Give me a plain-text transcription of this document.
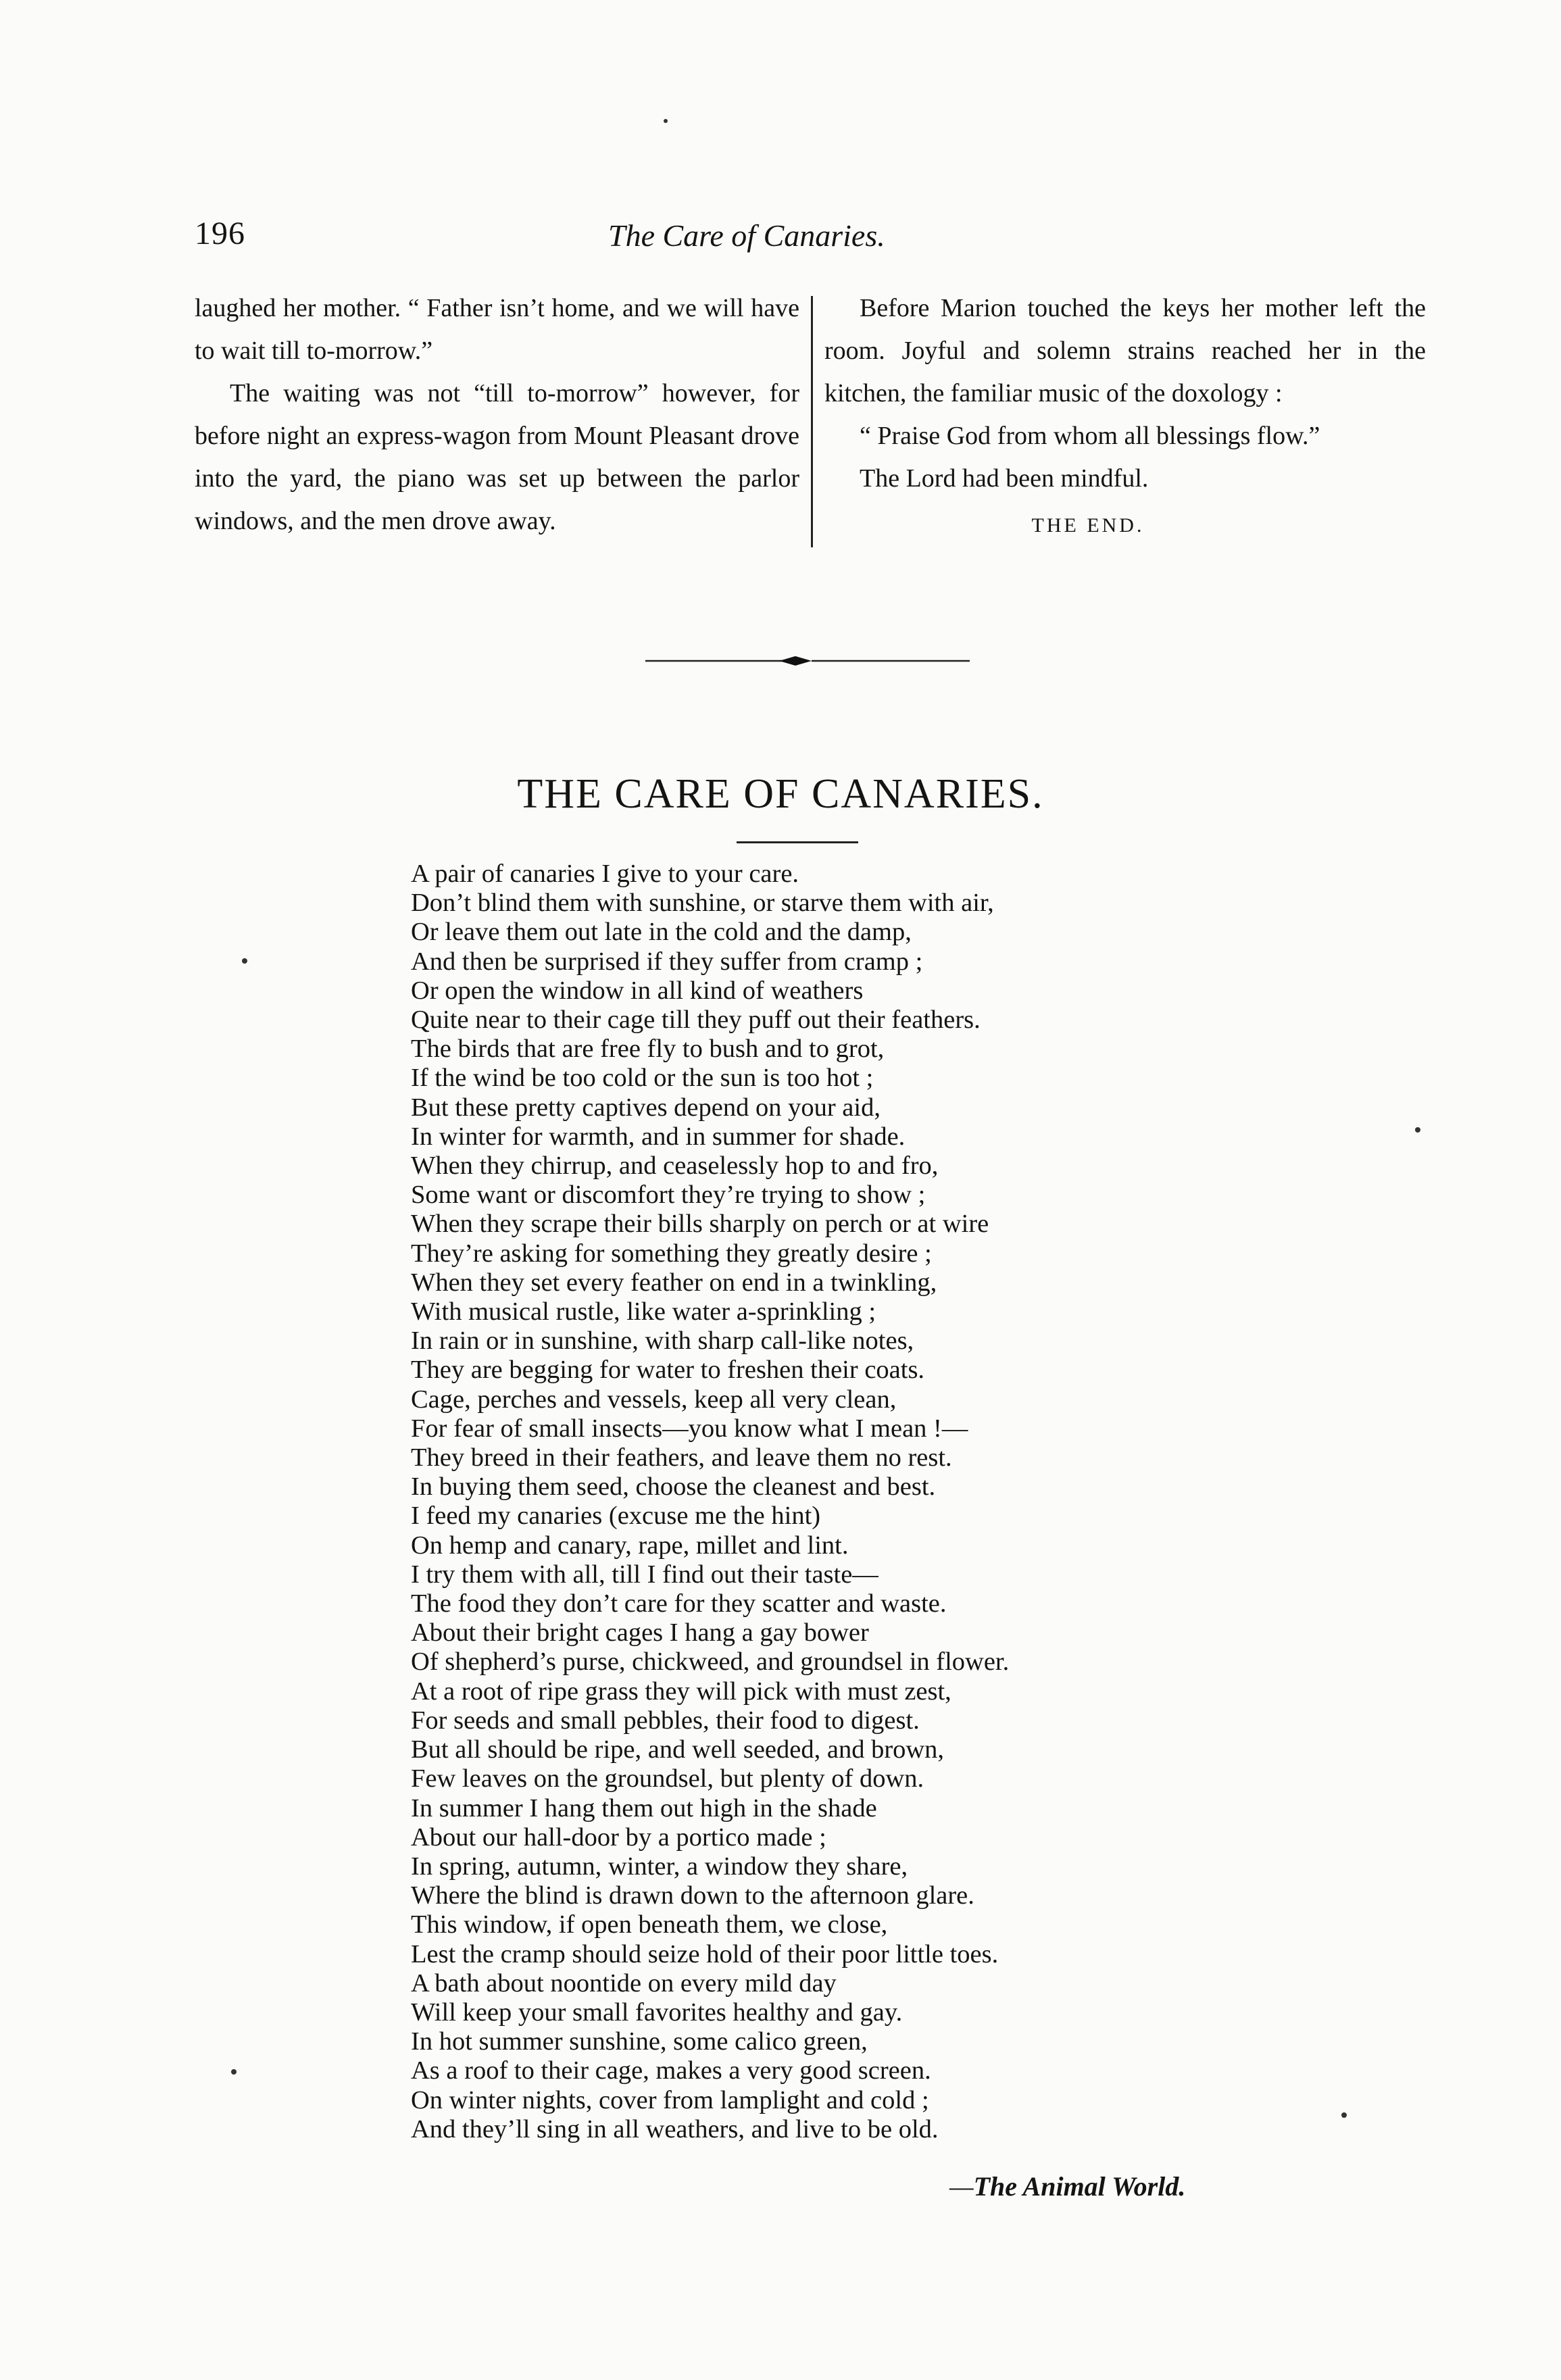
196	The Care of Canaries.

laughed her mother. “ Father isn’t home, and we will have to wait till to-morrow.”

The waiting was not “till to-morrow” however, for before night an express-wagon from Mount Pleasant drove into the yard, the piano was set up between the parlor windows, and the men drove away.

Before Marion touched the keys her mother left the room. Joyful and solemn strains reached her in the kitchen, the familiar music of the doxology :

“ Praise God from whom all blessings flow.”

The Lord had been mindful.

THE END.
THE CARE OF CANARIES.
A pair of canaries I give to your care.
Don’t blind them with sunshine, or starve them with air,
Or leave them out late in the cold and the damp,
And then be surprised if they suffer from cramp ;
Or open the window in all kind of weathers
Quite near to their cage till they puff out their feathers.
The birds that are free fly to bush and to grot,
If the wind be too cold or the sun is too hot ;
But these pretty captives depend on your aid,
In winter for warmth, and in summer for shade.
When they chirrup, and ceaselessly hop to and fro,
Some want or discomfort they’re trying to show ;
When they scrape their bills sharply on perch or at wire
They’re asking for something they greatly desire ;
When they set every feather on end in a twinkling,
With musical rustle, like water a-sprinkling ;
In rain or in sunshine, with sharp call-like notes,
They are begging for water to freshen their coats.
Cage, perches and vessels, keep all very clean,
For fear of small insects—you know what I mean !—
They breed in their feathers, and leave them no rest.
In buying them seed, choose the cleanest and best.
I feed my canaries (excuse me the hint)
On hemp and canary, rape, millet and lint.
I try them with all, till I find out their taste—
The food they don’t care for they scatter and waste.
About their bright cages I hang a gay bower
Of shepherd’s purse, chickweed, and groundsel in flower.
At a root of ripe grass they will pick with must zest,
For seeds and small pebbles, their food to digest.
But all should be ripe, and well seeded, and brown,
Few leaves on the groundsel, but plenty of down.
In summer I hang them out high in the shade
About our hall-door by a portico made ;
In spring, autumn, winter, a window they share,
Where the blind is drawn down to the afternoon glare.
This window, if open beneath them, we close,
Lest the cramp should seize hold of their poor little toes.
A bath about noontide on every mild day
Will keep your small favorites healthy and gay.
In hot summer sunshine, some calico green,
As a roof to their cage, makes a very good screen.
On winter nights, cover from lamplight and cold ;
And they’ll sing in all weathers, and live to be old.
—The Animal World.
